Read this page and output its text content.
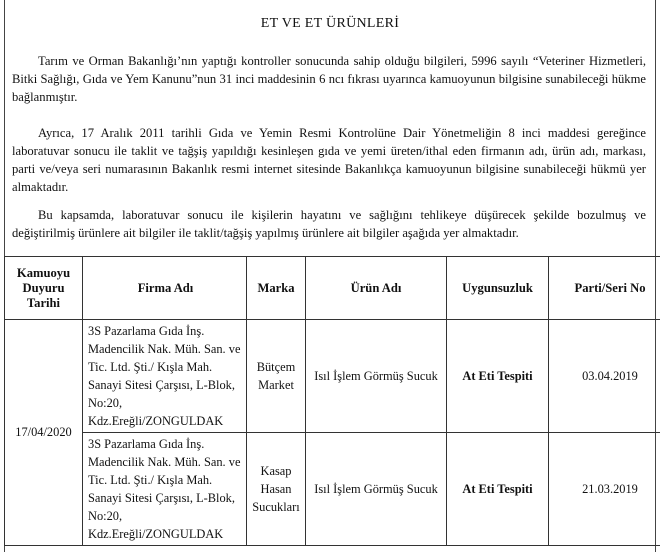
ET VE ET ÜRÜNLERİ

Tarım ve Orman Bakanlığı’nın yaptığı kontroller sonucunda sahip olduğu bilgileri, 5996 sayılı “Veteriner Hizmetleri, Bitki Sağlığı, Gıda ve Yem Kanunu”nun 31 inci maddesinin 6 ncı fıkrası uyarınca kamuoyunun bilgisine sunabileceği hükme bağlanmıştır.

Ayrıca, 17 Aralık 2011 tarihli Gıda ve Yemin Resmi Kontrolüne Dair Yönetmeliğin 8 inci maddesi gereğince laboratuvar sonucu ile taklit ve tağşiş yapıldığı kesinleşen gıda ve yemi üreten/ithal eden firmanın adı, ürün adı, markası, parti ve/veya seri numarasının Bakanlık resmi internet sitesinde Bakanlıkça kamuoyunun bilgisine sunabileceği hükmü yer almaktadır.

Bu kapsamda, laboratuvar sonucu ile kişilerin hayatını ve sağlığını tehlikeye düşürecek şekilde bozulmuş ve değiştirilmiş ürünlere ait bilgiler ile taklit/tağşiş yapılmış ürünlere ait bilgiler aşağıda yer almaktadır.

Kamuoyu Duyuru Tarihi	Firma Adı	Marka	Ürün Adı	Uygunsuzluk	Parti/Seri No
17/04/2020	3S Pazarlama Gıda İnş. Madencilik Nak. Müh. San. ve Tic. Ltd. Şti./ Kışla Mah. Sanayi Sitesi Çarşısı, L-Blok, No:20, Kdz.Ereğli/ZONGULDAK	Bütçem Market	Isıl İşlem Görmüş Sucuk	At Eti Tespiti	03.04.2019
	3S Pazarlama Gıda İnş. Madencilik Nak. Müh. San. ve Tic. Ltd. Şti./ Kışla Mah. Sanayi Sitesi Çarşısı, L-Blok, No:20, Kdz.Ereğli/ZONGULDAK	Kasap Hasan Sucukları	Isıl İşlem Görmüş Sucuk	At Eti Tespiti	21.03.2019
